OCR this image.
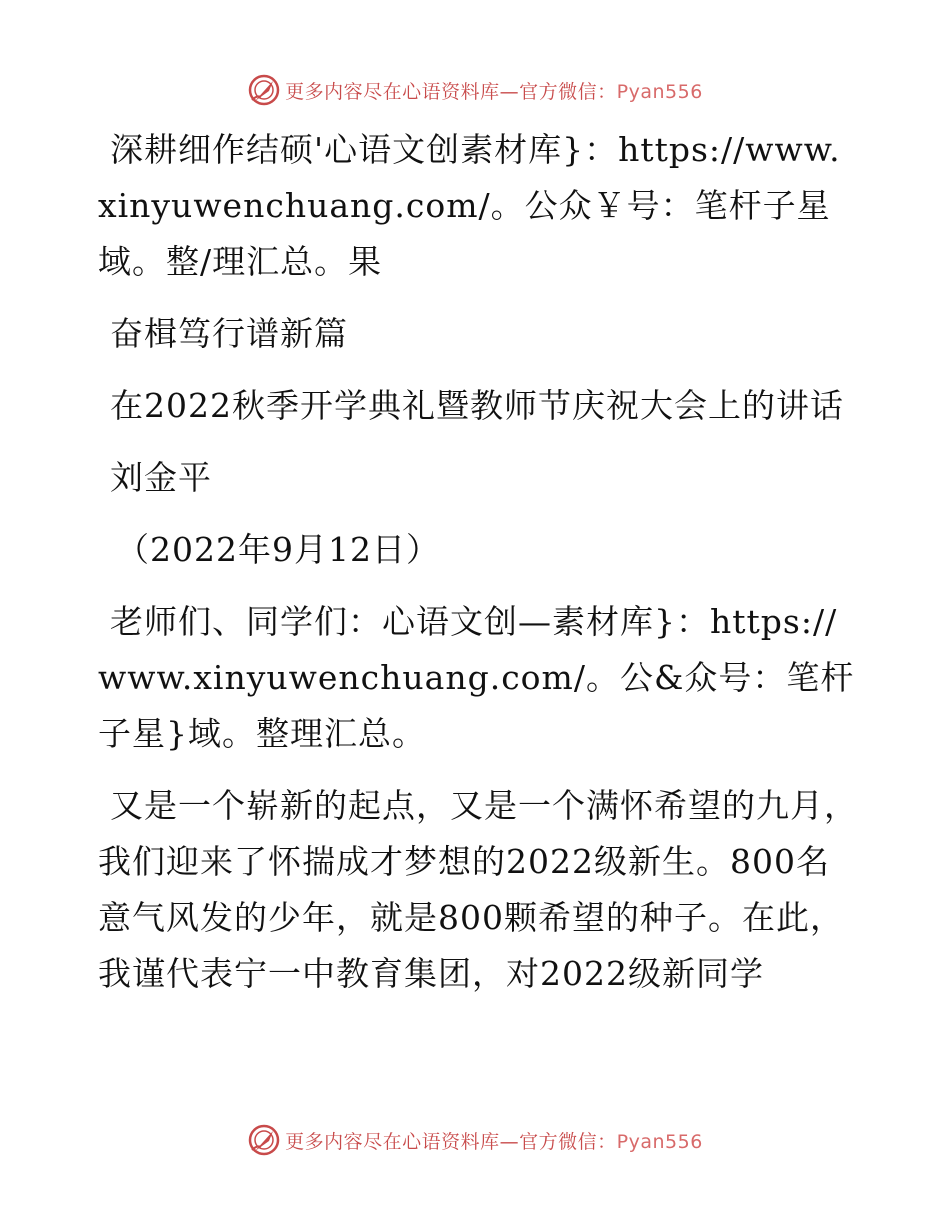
更多内容尽在心语资料库—官方微信：Pyan556

深耕细作结硕'心语文创素材库}：https://www.xinyuwenchuang.com/。公众￥号：笔杆子星域。整/理汇总。果

奋楫笃行谱新篇

在2022秋季开学典礼暨教师节庆祝大会上的讲话

刘金平

（2022年9月12日）

老师们、同学们：心语文创—素材库}：https://www.xinyuwenchuang.com/。公&众号：笔杆子星}域。整理汇总。

又是一个崭新的起点，又是一个满怀希望的九月，我们迎来了怀揣成才梦想的2022级新生。800名意气风发的少年，就是800颗希望的种子。在此，我谨代表宁一中教育集团，对2022级新同学

更多内容尽在心语资料库—官方微信：Pyan556
